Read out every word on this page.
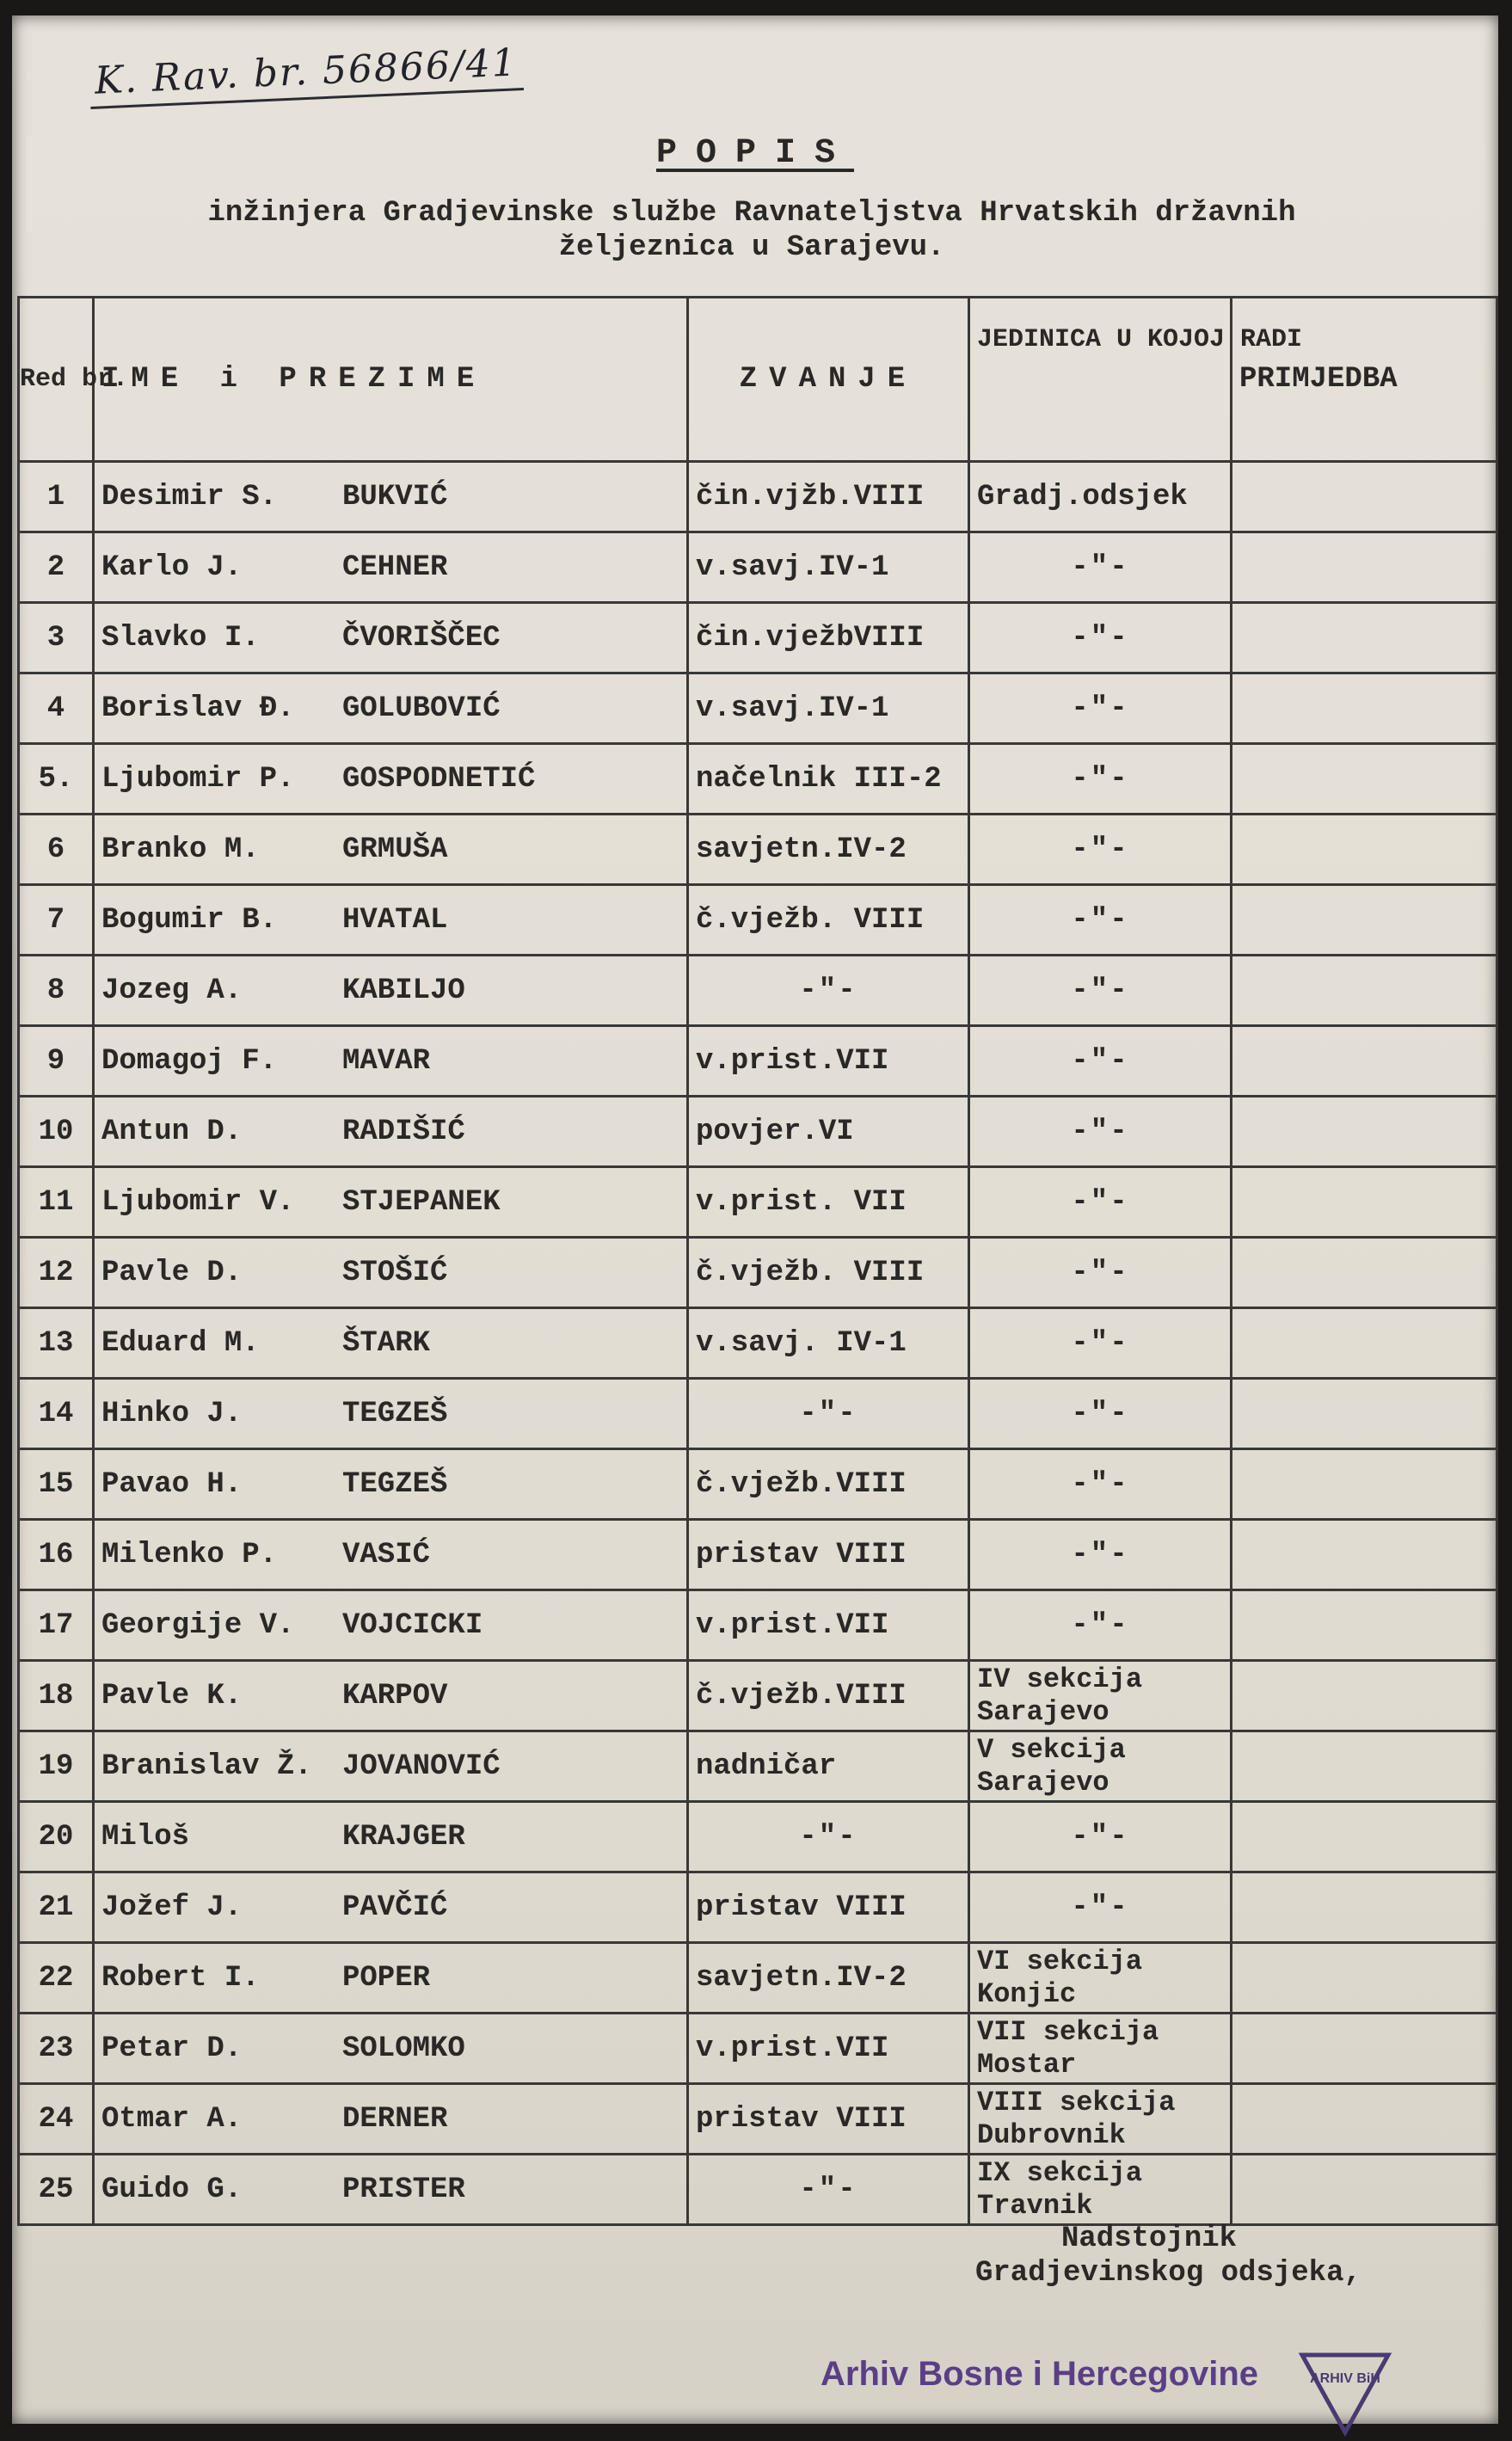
K. Rav. br. 56866/41
POPIS
inžinjera Gradjevinske službe Ravnateljstva Hrvatskih državnih
željeznica u Sarajevu.
Red br.	IME i PREZIME	ZVANJE	JEDINICA U KOJOJ RADI	PRIMJEDBA
1	Desimir S. BUKVIĆ	čin.vjžb.VIII	Gradj.odsjek	
2	Karlo J. CEHNER	v.savj.IV-1	-"-	

3	Slavko I. ČVORIŠČEC	čin.vježbVIII	-"-	

4	Borislav Đ. GOLUBOVIĆ	v.savj.IV-1	-"-	

5.	Ljubomir P. GOSPODNETIĆ	načelnik III-2	-"-	

6	Branko M. GRMUŠA	savjetn.IV-2	-"-	

7	Bogumir B. HVATAL	č.vježb. VIII	-"-	

8	Jozeg A. KABILJO	-"-	-"-	

9	Domagoj F. MAVAR	v.prist.VII	-"-	

10	Antun D. RADIŠIĆ	povjer.VI	-"-	

11	Ljubomir V. STJEPANEK	v.prist. VII	-"-	

12	Pavle D. STOŠIĆ	č.vježb. VIII	-"-	

13	Eduard M. ŠTARK	v.savj. IV-1	-"-	

14	Hinko J. TEGZEŠ	-"-	-"-	

15	Pavao H. TEGZEŠ	č.vježb.VIII	-"-	

16	Milenko P. VASIĆ	pristav VIII	-"-	

17	Georgije V. VOJCICKI	v.prist.VII	-"-	

18	Pavle K. KARPOV	č.vježb.VIII	IV sekcija Sarajevo	
19	Branislav Ž. JOVANOVIĆ	nadničar	V sekcija Sarajevo	
20	Miloš KRAJGER	-"-	-"-	

21	Jožef J. PAVČIĆ	pristav VIII	-"-	

22	Robert I. POPER	savjetn.IV-2	VI sekcija Konjic	
23	Petar D. SOLOMKO	v.prist.VII	VII sekcija Mostar	
24	Otmar A. DERNER	pristav VIII	VIII sekcija Dubrovnik	
25	Guido G. PRISTER	-"-	IX sekcija Travnik	
Nadstojnik
Gradjevinskog odsjeka,
Arhiv Bosne i Hercegovine	ARHIV BiH
